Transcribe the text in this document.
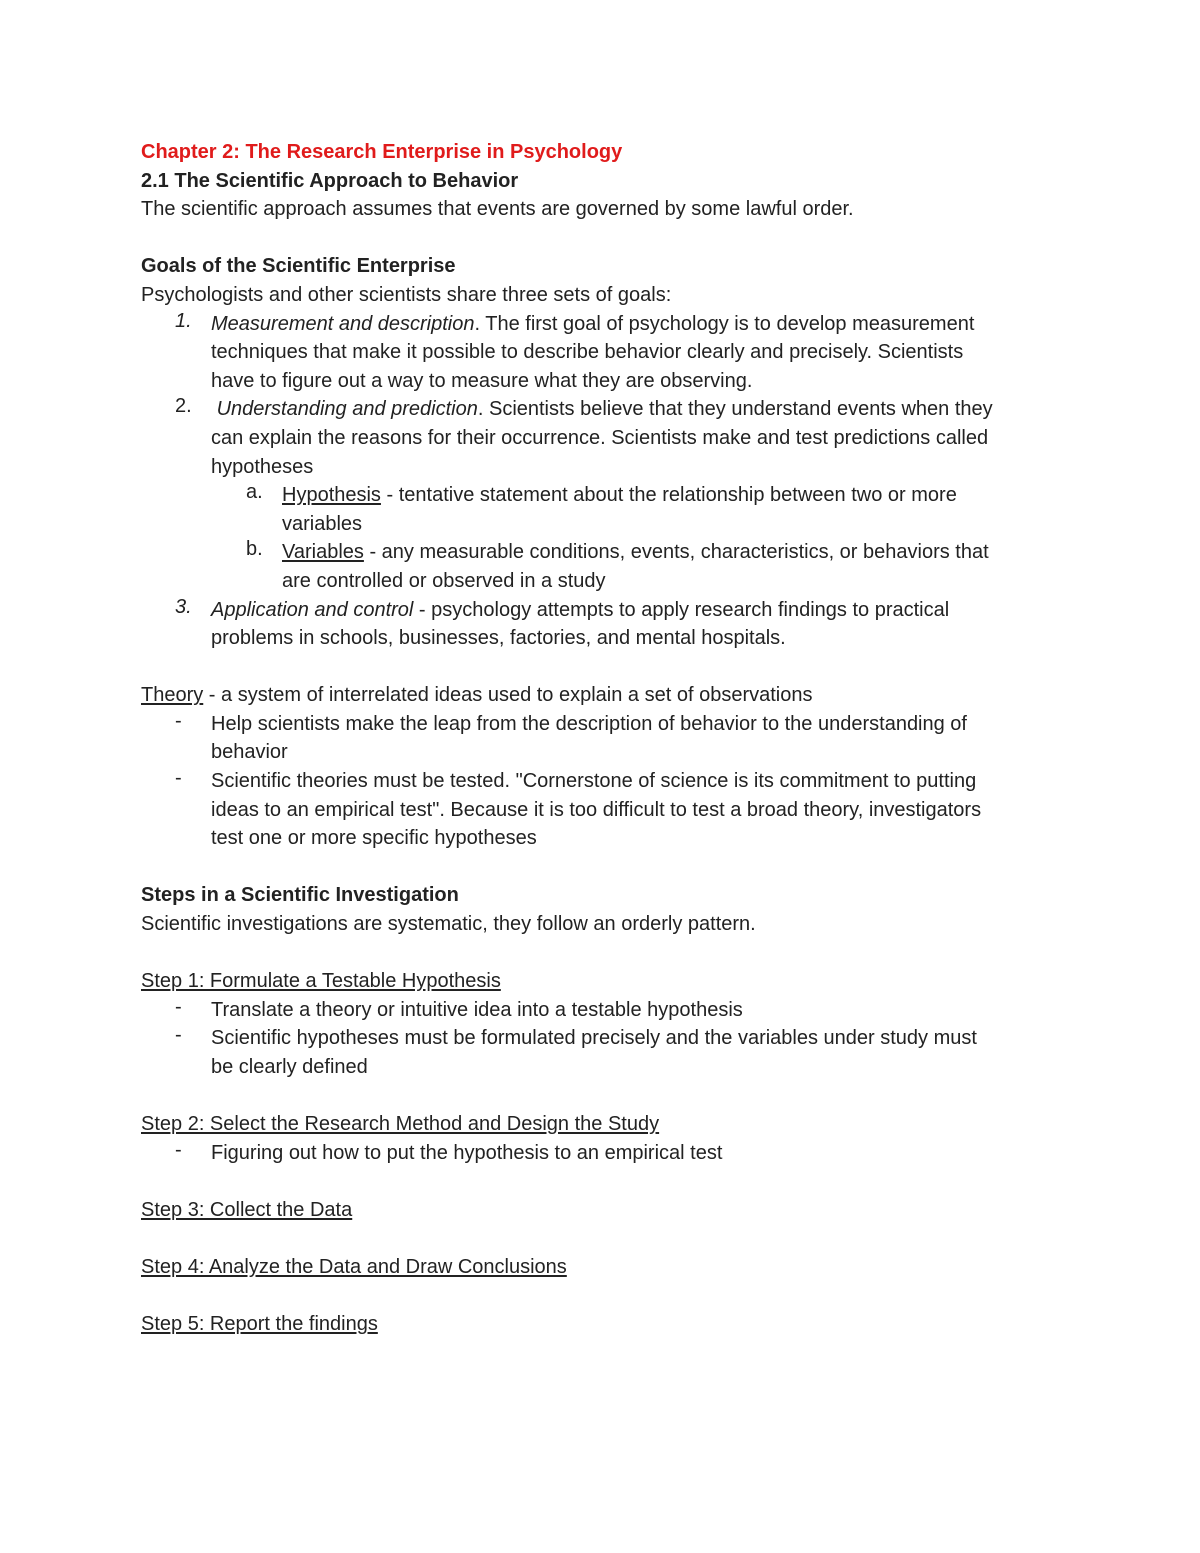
Chapter 2: The Research Enterprise in Psychology

2.1 The Scientific Approach to Behavior

The scientific approach assumes that events are governed by some lawful order.

Goals of the Scientific Enterprise

Psychologists and other scientists share three sets of goals:

1. Measurement and description. The first goal of psychology is to develop measurement

techniques that make it possible to describe behavior clearly and precisely. Scientists

have to figure out a way to measure what they are observing.

2. Understanding and prediction. Scientists believe that they understand events when they

can explain the reasons for their occurrence. Scientists make and test predictions called

hypotheses

a. Hypothesis - tentative statement about the relationship between two or more

variables

b. Variables - any measurable conditions, events, characteristics, or behaviors that

are controlled or observed in a study

3. Application and control - psychology attempts to apply research findings to practical

problems in schools, businesses, factories, and mental hospitals.

Theory - a system of interrelated ideas used to explain a set of observations

- Help scientists make the leap from the description of behavior to the understanding of

behavior

- Scientific theories must be tested. "Cornerstone of science is its commitment to putting

ideas to an empirical test". Because it is too difficult to test a broad theory, investigators

test one or more specific hypotheses

Steps in a Scientific Investigation

Scientific investigations are systematic, they follow an orderly pattern.

Step 1: Formulate a Testable Hypothesis

- Translate a theory or intuitive idea into a testable hypothesis

- Scientific hypotheses must be formulated precisely and the variables under study must

be clearly defined

Step 2: Select the Research Method and Design the Study

- Figuring out how to put the hypothesis to an empirical test

Step 3: Collect the Data

Step 4: Analyze the Data and Draw Conclusions

Step 5: Report the findings
